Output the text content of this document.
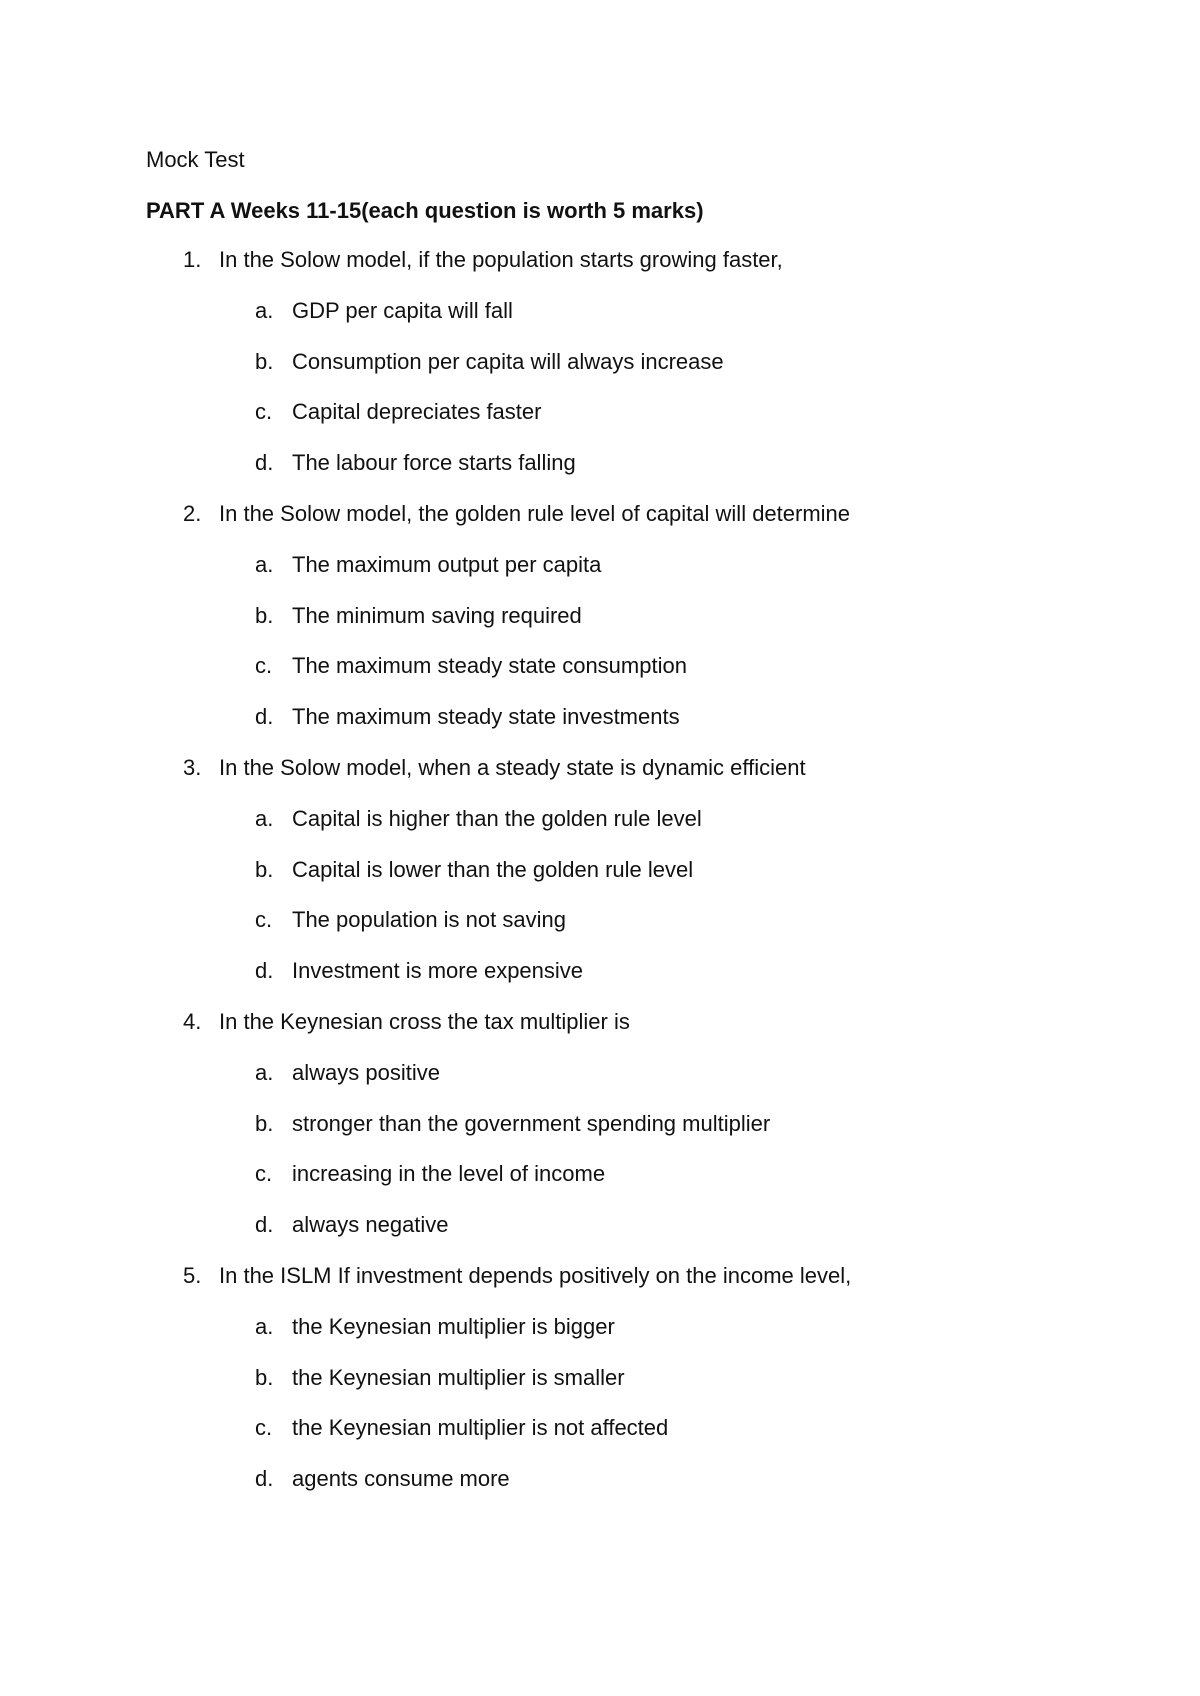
Mock Test
PART A Weeks 11-15(each question is worth 5 marks)
1. In the Solow model, if the population starts growing faster,
a. GDP per capita will fall
b. Consumption per capita will always increase
c. Capital depreciates faster
d. The labour force starts falling
2. In the Solow model, the golden rule level of capital will determine
a. The maximum output per capita
b. The minimum saving required
c. The maximum steady state consumption
d. The maximum steady state investments
3. In the Solow model, when a steady state is dynamic efficient
a. Capital is higher than the golden rule level
b. Capital is lower than the golden rule level
c. The population is not saving
d. Investment is more expensive
4. In the Keynesian cross the tax multiplier is
a. always positive
b. stronger than the government spending multiplier
c. increasing in the level of income
d. always negative
5. In the ISLM If investment depends positively on the income level,
a. the Keynesian multiplier is bigger
b. the Keynesian multiplier is smaller
c. the Keynesian multiplier is not affected
d. agents consume more
